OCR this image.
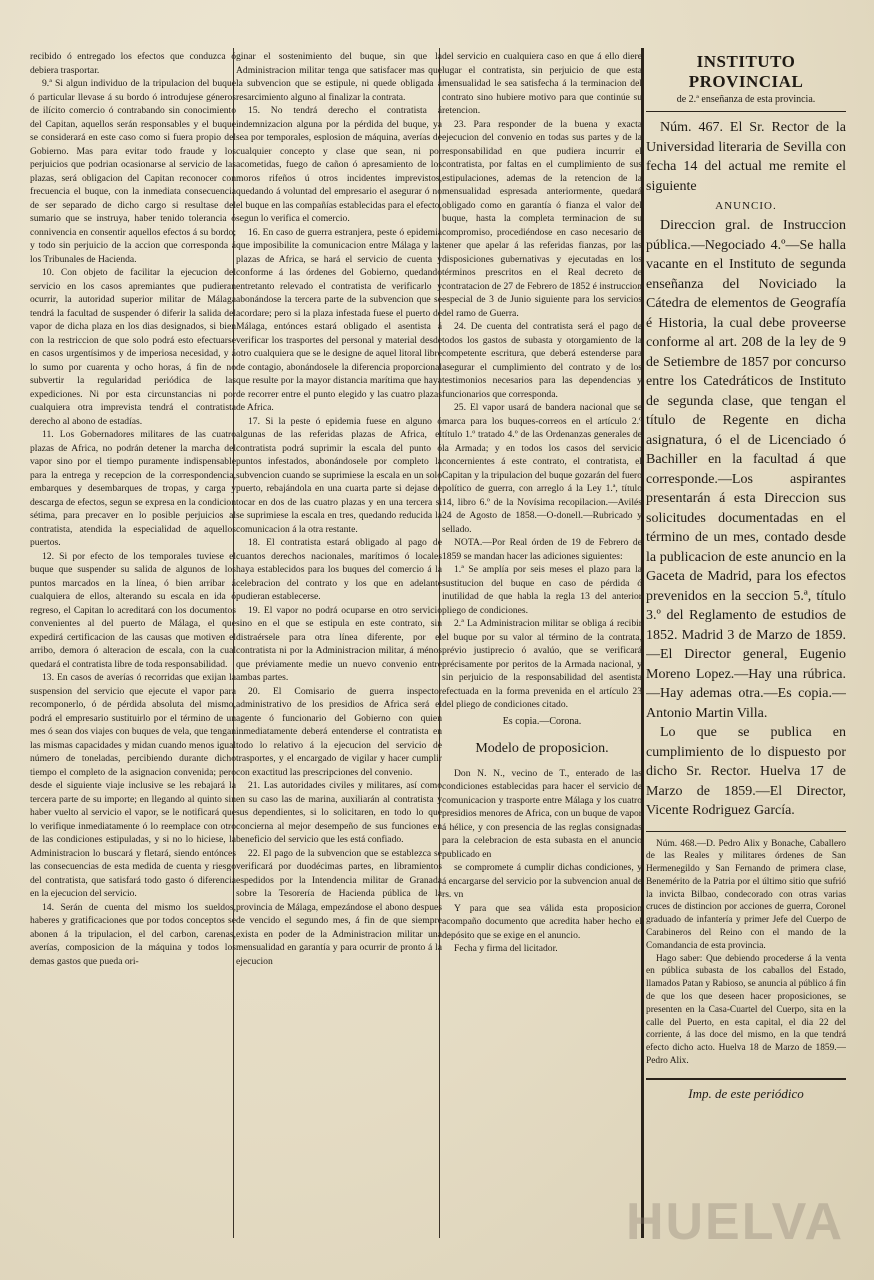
recibido ó entregado los efectos que conduzca ó debiera trasportar.

9.ª Si algun individuo de la tripulacion del buque ó particular llevase á su bordo ó introdujese géneros de ilícito comercio ó contrabando sin conocimiento del Capitan, aquellos serán responsables y el buque se considerará en este caso como si fuera propio del Gobierno. Mas para evitar todo fraude y los perjuicios que podrian ocasionarse al servicio de las plazas, será obligacion del Capitan reconocer con frecuencia el buque, con la inmediata consecuencia de ser separado de dicho cargo si resultase del sumario que se instruya, haber tenido tolerancia ó connivencia en consentir aquellos efectos á su bordo; y todo sin perjuicio de la accion que corresponda á los Tribunales de Hacienda.

10. Con objeto de facilitar la ejecucion del servicio en los casos apremiantes que pudieran ocurrir, la autoridad superior militar de Málaga tendrá la facultad de suspender ó diferir la salida del vapor de dicha plaza en los dias designados, si bien con la restriccion de que solo podrá esto efectuarse en casos urgentísimos y de imperiosa necesidad, y á lo sumo por cuarenta y ocho horas, á fin de no subvertir la regularidad periódica de las expediciones. Ni por esta circunstancias ni por cualquiera otra imprevista tendrá el contratista derecho al abono de estadías.

11. Los Gobernadores militares de las cuatro plazas de Africa, no podrán detener la marcha del vapor sino por el tiempo puramente indispensable para la entrega y recepcion de la correspondencia, embarques y desembarques de tropas, y carga y descarga de efectos, segun se expresa en la condicion sétima, para precaver en lo posible perjuicios al contratista, atendida la especialidad de aquellos puertos.

12. Si por efecto de los temporales tuviese el buque que suspender su salida de algunos de los puntos marcados en la línea, ó bien arribar á cualquiera de ellos, alterando su escala en ida ó regreso, el Capitan lo acreditará con los documentos convenientes al del puerto de Málaga, el que expedirá certificacion de las causas que motiven el arribo, demora ó alteracion de escala, con la cual quedará el contratista libre de toda responsabilidad.

13. En casos de averías ó recorridas que exijan la suspension del servicio que ejecute el vapor para recomponerlo, ó de pérdida absoluta del mismo, podrá el empresario sustituirlo por el término de un mes ó sean dos viajes con buques de vela, que tengan las mismas capacidades y midan cuando menos igual número de toneladas, percibiendo durante dicho tiempo el completo de la asignacion convenida; pero desde el siguiente viaje inclusive se les rebajará la tercera parte de su importe; en llegando al quinto sin haber vuelto al servicio el vapor, se le notificará que lo verifique inmediatamente ó lo reemplace con otro de las condiciones estipuladas, y si no lo hiciese, la Administracion lo buscará y fletará, siendo entónces las consecuencias de esta medida de cuenta y riesgo del contratista, que satisfará todo gasto ó diferencia en la ejecucion del servicio.

14. Serán de cuenta del mismo los sueldos, haberes y gratificaciones que por todos conceptos se abonen á la tripulacion, el del carbon, carenas, averías, composicion de la máquina y todos los demas gastos que pueda ori-

ginar el sostenimiento del buque, sin que la Administracion militar tenga que satisfacer mas que la subvencion que se estipule, ni quede obligada á resarcimiento alguno al finalizar la contrata.

15. No tendrá derecho el contratista á indemnizacion alguna por la pérdida del buque, ya sea por temporales, esplosion de máquina, averías de cualquier concepto y clase que sean, ni por acometidas, fuego de cañon ó apresamiento de los moros rifeños ú otros incidentes imprevistos, quedando á voluntad del empresario el asegurar ó no el buque en las compañías establecidas para el efecto, segun lo verifica el comercio.

16. En caso de guerra estranjera, peste ó epidemia que imposibilite la comunicacion entre Málaga y las plazas de Africa, se hará el servicio de cuenta y conforme á las órdenes del Gobierno, quedando entretanto relevado el contratista de verificarlo y abonándose la tercera parte de la subvencion que se acordare; pero si la plaza infestada fuese el puerto de Málaga, entónces estará obligado el asentista á verificar los trasportes del personal y material desde otro cualquiera que se le designe de aquel litoral libre de contagio, abonándosele la diferencia proporcional que resulte por la mayor distancia marítima que haya de recorrer entre el punto elegido y las cuatro plazas de Africa.

17. Si la peste ó epidemia fuese en alguno ó algunas de las referidas plazas de Africa, el contratista podrá suprimir la escala del punto ó puntos infestados, abonándosele por completo la subvencion cuando se suprimiese la escala en un solo puerto, rebajándola en una cuarta parte si dejase de tocar en dos de las cuatro plazas y en una tercera si se suprimiese la escala en tres, quedando reducida la comunicacion á la otra restante.

18. El contratista estará obligado al pago de cuantos derechos nacionales, marítimos ó locales haya establecidos para los buques del comercio á la celebracion del contrato y los que en adelante pudieran establecerse.

19. El vapor no podrá ocuparse en otro servicio sino en el que se estipula en este contrato, sin distraérsele para otra línea diferente, por el contratista ni por la Administracion militar, á ménos que préviamente medie un nuevo convenio entre ambas partes.

20. El Comisario de guerra inspector administrativo de los presidios de Africa será el agente ó funcionario del Gobierno con quien inmediatamente deberá entenderse el contratista en todo lo relativo á la ejecucion del servicio de trasportes, y el encargado de vigilar y hacer cumplir con exactitud las prescripciones del convenio.

21. Las autoridades civiles y militares, así como en su caso las de marina, auxiliarán al contratista y sus dependientes, si lo solicitaren, en todo lo que concierna al mejor desempeño de sus funciones en beneficio del servicio que les está confiado.

22. El pago de la subvencion que se establezca se verificará por duodécimas partes, en libramientos espedidos por la Intendencia militar de Granada sobre la Tesorería de Hacienda pública de la provincia de Málaga, empezándose el abono despues de vencido el segundo mes, á fin de que siempre exista en poder de la Administracion militar una mensualidad en garantía y para ocurrir de pronto á la ejecucion

del servicio en cualquiera caso en que á ello diere lugar el contratista, sin perjuicio de que esta mensualidad le sea satisfecha á la terminacion del contrato sino hubiere motivo para que continúe su retencion.

23. Para responder de la buena y exacta ejecucion del convenio en todas sus partes y de la responsabilidad en que pudiera incurrir el contratista, por faltas en el cumplimiento de sus estipulaciones, ademas de la retencion de la mensualidad espresada anteriormente, quedará obligado como en garantía ó fianza el valor del buque, hasta la completa terminacion de su compromiso, procediéndose en caso necesario de tener que apelar á las referidas fianzas, por las disposiciones gubernativas y ejecutadas en los términos prescritos en el Real decreto de contratacion de 27 de Febrero de 1852 é instruccion especial de 3 de Junio siguiente para los servicios del ramo de Guerra.

24. De cuenta del contratista será el pago de todos los gastos de subasta y otorgamiento de la competente escritura, que deberá estenderse para asegurar el cumplimiento del contrato y de los testimonios necesarios para las dependencias y funcionarios que corresponda.

25. El vapor usará de bandera nacional que se marca para los buques-correos en el artículo 2.º título 1.º tratado 4.º de las Ordenanzas generales de la Armada; y en todos los casos del servicio concernientes á este contrato, el contratista, el Capitan y la tripulacion del buque gozarán del fuero político de guerra, con arreglo á la Ley 1.ª, título 14, libro 6.º de la Novísima recopilacion.—Avilés 24 de Agosto de 1858.—O-donell.—Rubricado y sellado.

NOTA.—Por Real órden de 19 de Febrero de 1859 se mandan hacer las adiciones siguientes:

1.ª Se amplía por seis meses el plazo para la sustitucion del buque en caso de pérdida ó inutilidad de que habla la regla 13 del anterior pliego de condiciones.

2.ª La Administracion militar se obliga á recibir el buque por su valor al término de la contrata, prévio justiprecio ó avalúo, que se verificará précisamente por peritos de la Armada nacional, y sin perjuicio de la responsabilidad del asentista efectuada en la forma prevenida en el artículo 23 del pliego de condiciones citado.

Es copia.—Corona.
Modelo de proposicion.

Don N. N., vecino de T., enterado de las condiciones establecidas para hacer el servicio de comunicacion y trasporte entre Málaga y los cuatro presidios menores de Africa, con un buque de vapor á hélice, y con presencia de las reglas consignadas para la celebracion de esta subasta en el anuncio publicado en

se compromete á cumplir dichas condiciones, y á encargarse del servicio por la subvencion anual de rs. vn

Y para que sea válida esta proposicion acompaño documento que acredita haber hecho el depósito que se exige en el anuncio.

Fecha y firma del licitador.

INSTITUTO PROVINCIAL
de 2.ª enseñanza de esta provincia.

Núm. 467. El Sr. Rector de la Universidad literaria de Sevilla con fecha 14 del actual me remite el siguiente

ANUNCIO.

Direccion gral. de Instruccion pública.—Negociado 4.º—Se halla vacante en el Instituto de segunda enseñanza del Noviciado la Cátedra de elementos de Geografía é Historia, la cual debe proveerse conforme al art. 208 de la ley de 9 de Setiembre de 1857 por concurso entre los Catedráticos de Instituto de segunda clase, que tengan el título de Regente en dicha asignatura, ó el de Licenciado ó Bachiller en la facultad á que corresponde.—Los aspirantes presentarán á esta Direccion sus solicitudes documentadas en el término de un mes, contado desde la publicacion de este anuncio en la Gaceta de Madrid, para los efectos prevenidos en la seccion 5.ª, título 3.º del Reglamento de estudios de 1852. Madrid 3 de Marzo de 1859.—El Director general, Eugenio Moreno Lopez.—Hay una rúbrica.—Hay ademas otra.—Es copia.—Antonio Martin Villa.

Lo que se publica en cumplimiento de lo dispuesto por dicho Sr. Rector. Huelva 17 de Marzo de 1859.—El Director, Vicente Rodriguez García.

Núm. 468.—D. Pedro Alix y Bonache, Caballero de las Reales y militares órdenes de San Hermenegildo y San Fernando de primera clase, Benemérito de la Patria por el último sitio que sufrió la invicta Bilbao, condecorado con otras varias cruces de distincion por acciones de guerra, Coronel graduado de infantería y primer Jefe del Cuerpo de Carabineros del Reino con el mando de la Comandancia de esta provincia.

Hago saber: Que debiendo procederse á la venta en pública subasta de los caballos del Estado, llamados Patan y Rabioso, se anuncia al público á fin de que los que deseen hacer proposiciones, se presenten en la Casa-Cuartel del Cuerpo, sita en la calle del Puerto, en esta capital, el dia 22 del corriente, á las doce del mismo, en la que tendrá efecto dicho acto. Huelva 18 de Marzo de 1859.—Pedro Alix.

Imp. de este periódico
HUELVA
